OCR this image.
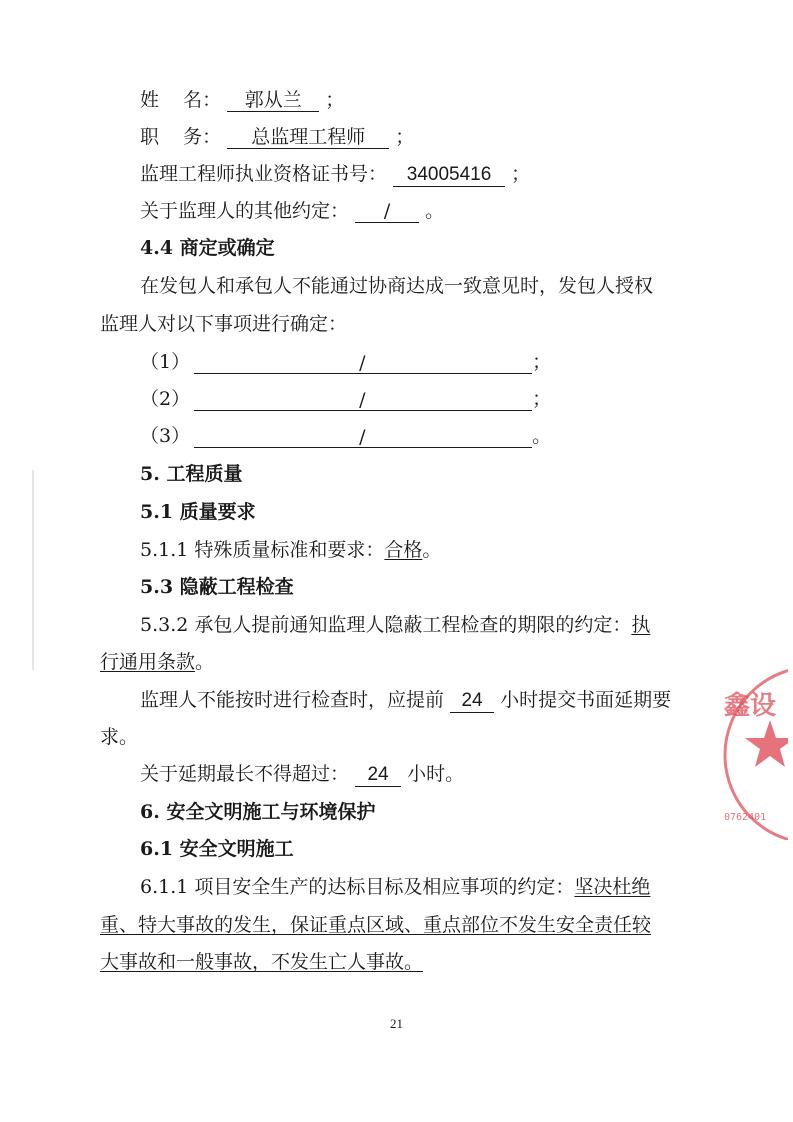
姓    名： 郭从兰 ；
职    务： 总监理工程师 ；
监理工程师执业资格证书号： 34005416 ；
关于监理人的其他约定： / 。
4.4 商定或确定
在发包人和承包人不能通过协商达成一致意见时，发包人授权
监理人对以下事项进行确定：
（1）	/	；
（2）	/	；
（3）	/	。
5. 工程质量
5.1 质量要求
5.1.1 特殊质量标准和要求：合格。
5.3 隐蔽工程检查
5.3.2 承包人提前通知监理人隐蔽工程检查的期限的约定：执
行通用条款。
监理人不能按时进行检查时，应提前 24 小时提交书面延期要
求。
关于延期最长不得超过： 24 小时。
6. 安全文明施工与环境保护
6.1 安全文明施工
6.1.1 项目安全生产的达标目标及相应事项的约定：坚决杜绝
重、特大事故的发生，保证重点区域、重点部位不发生安全责任较
大事故和一般事故，不发生亡人事故。
21
鑫设
0762401
